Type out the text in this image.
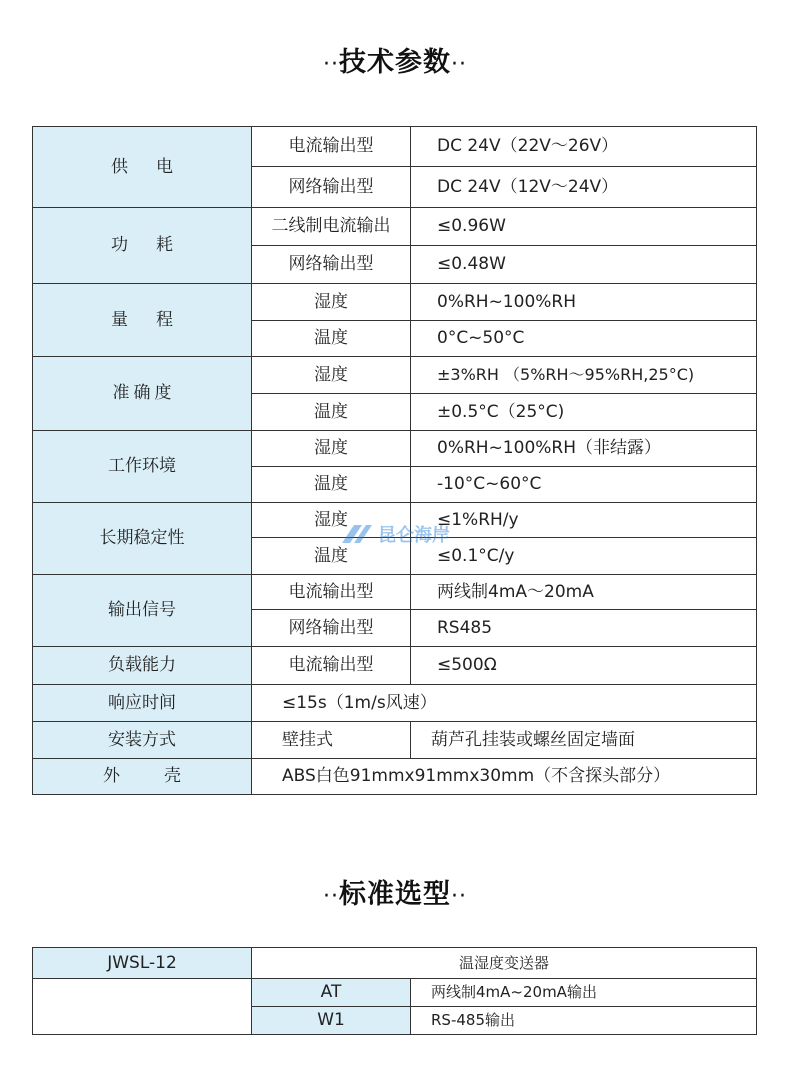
··技术参数··
供电	电流输出型	DC 24V（22V～26V）
	网络输出型	DC 24V（12V～24V）
功耗	二线制电流输出	≤0.96W
	网络输出型	≤0.48W
量程	湿度	0%RH~100%RH
	温度	0°C~50°C
准确度	湿度	±3%RH （5%RH～95%RH,25°C)
	温度	±0.5°C（25°C)
工作环境	湿度	0%RH~100%RH（非结露）
	温度	-10°C~60°C
长期稳定性	湿度	≤1%RH/y
	温度	≤0.1°C/y
输出信号	电流输出型	两线制4mA～20mA
	网络输出型	RS485
负载能力	电流输出型	≤500Ω
响应时间	≤15s（1m/s风速）	
安装方式	壁挂式	葫芦孔挂装或螺丝固定墙面
外壳	ABS白色91mmx91mmx30mm（不含探头部分）	
昆仑海岸
··标准选型··
JWSL-12	温湿度变送器	
	AT	两线制4mA~20mA输出
	W1	RS-485输出
